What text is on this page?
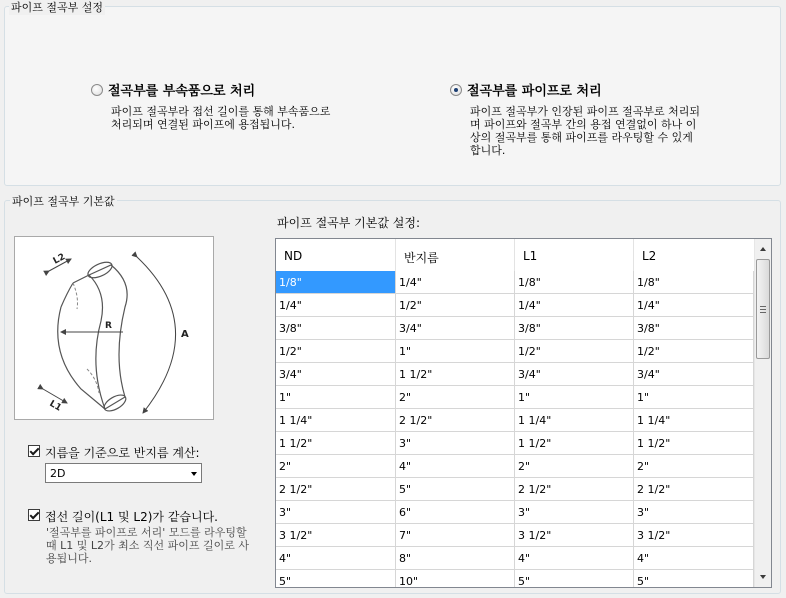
파이프 절곡부 설정
절곡부를 부속품으로 처리
파이프 절곡부라 접선 길이를 통해 부속품으로 처리되며 연결된 파이프에 용접됩니다.
절곡부를 파이프로 처리
파이프 절곡부가 인장된 파이프 절곡부로 처리되며 파이프와 절곡부 간의 용접 연결없이 하나 이상의 절곡부를 통해 파이프를 라우팅할 수 있게 합니다.
파이프 절곡부 기본값
L2
L1
R
A
지름을 기준으로 반지름 계산:
2D
접선 길이(L1 및 L2)가 같습니다.
'절곡부를 파이프로 서리' 모드를 라우팅할 때 L1 및 L2가 최소 직선 파이프 길이로 사용됩니다.
파이프 절곡부 기본값 설정:
ND	반지름	L1	L2
1/8"	1/4"	1/8"	1/8"
1/4"	1/2"	1/4"	1/4"
3/8"	3/4"	3/8"	3/8"
1/2"	1"	1/2"	1/2"
3/4"	1 1/2"	3/4"	3/4"
1"	2"	1"	1"
1 1/4"	2 1/2"	1 1/4"	1 1/4"
1 1/2"	3"	1 1/2"	1 1/2"
2"	4"	2"	2"
2 1/2"	5"	2 1/2"	2 1/2"
3"	6"	3"	3"
3 1/2"	7"	3 1/2"	3 1/2"
4"	8"	4"	4"
5"	10"	5"	5"
